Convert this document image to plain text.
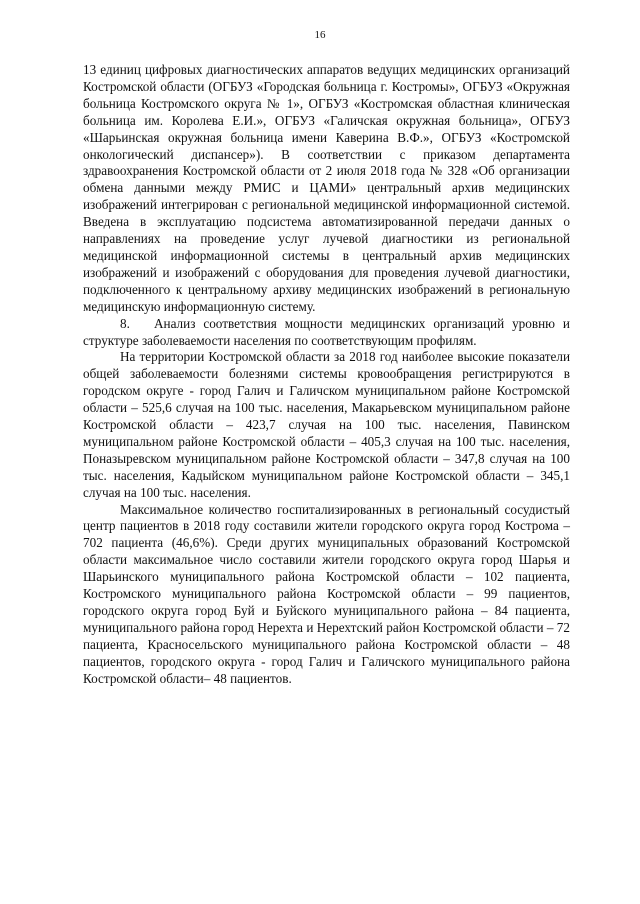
16

13 единиц цифровых диагностических аппаратов ведущих медицинских организаций Костромской области (ОГБУЗ «Городская больница г. Костромы», ОГБУЗ «Окружная больница Костромского округа № 1», ОГБУЗ «Костромская областная клиническая больница им. Королева Е.И.», ОГБУЗ «Галичская окружная больница», ОГБУЗ «Шарьинская окружная больница имени Каверина В.Ф.», ОГБУЗ «Костромской онкологический диспансер»). В соответствии с приказом департамента здравоохранения Костромской области от 2 июля 2018 года № 328 «Об организации обмена данными между РМИС и ЦАМИ» центральный архив медицинских изображений интегрирован с региональной медицинской информационной системой. Введена в эксплуатацию подсистема автоматизированной передачи данных о направлениях на проведение услуг лучевой диагностики из региональной медицинской информационной системы в центральный архив медицинских изображений и изображений с оборудования для проведения лучевой диагностики, подключенного к центральному архиву медицинских изображений в региональную медицинскую информационную систему.

8. Анализ соответствия мощности медицинских организаций уровню и структуре заболеваемости населения по соответствующим профилям.

На территории Костромской области за 2018 год наиболее высокие показатели общей заболеваемости болезнями системы кровообращения регистрируются в городском округе - город Галич и Галичском муниципальном районе Костромской области – 525,6 случая на 100 тыс. населения, Макарьевском муниципальном районе Костромской области – 423,7 случая на 100 тыс. населения, Павинском муниципальном районе Костромской области – 405,3 случая на 100 тыс. населения, Поназыревском муниципальном районе Костромской области – 347,8 случая на 100 тыс. населения, Кадыйском муниципальном районе Костромской области – 345,1 случая на 100 тыс. населения.

Максимальное количество госпитализированных в региональный сосудистый центр пациентов в 2018 году составили жители городского округа город Кострома – 702 пациента (46,6%). Среди других муниципальных образований Костромской области максимальное число составили жители городского округа город Шарья и Шарьинского муниципального района Костромской области – 102 пациента, Костромского муниципального района Костромской области – 99 пациентов, городского округа город Буй и Буйского муниципального района – 84 пациента, муниципального района город Нерехта и Нерехтский район Костромской области – 72 пациента, Красносельского муниципального района Костромской области – 48 пациентов, городского округа - город Галич и Галичского муниципального района Костромской области– 48 пациентов.
